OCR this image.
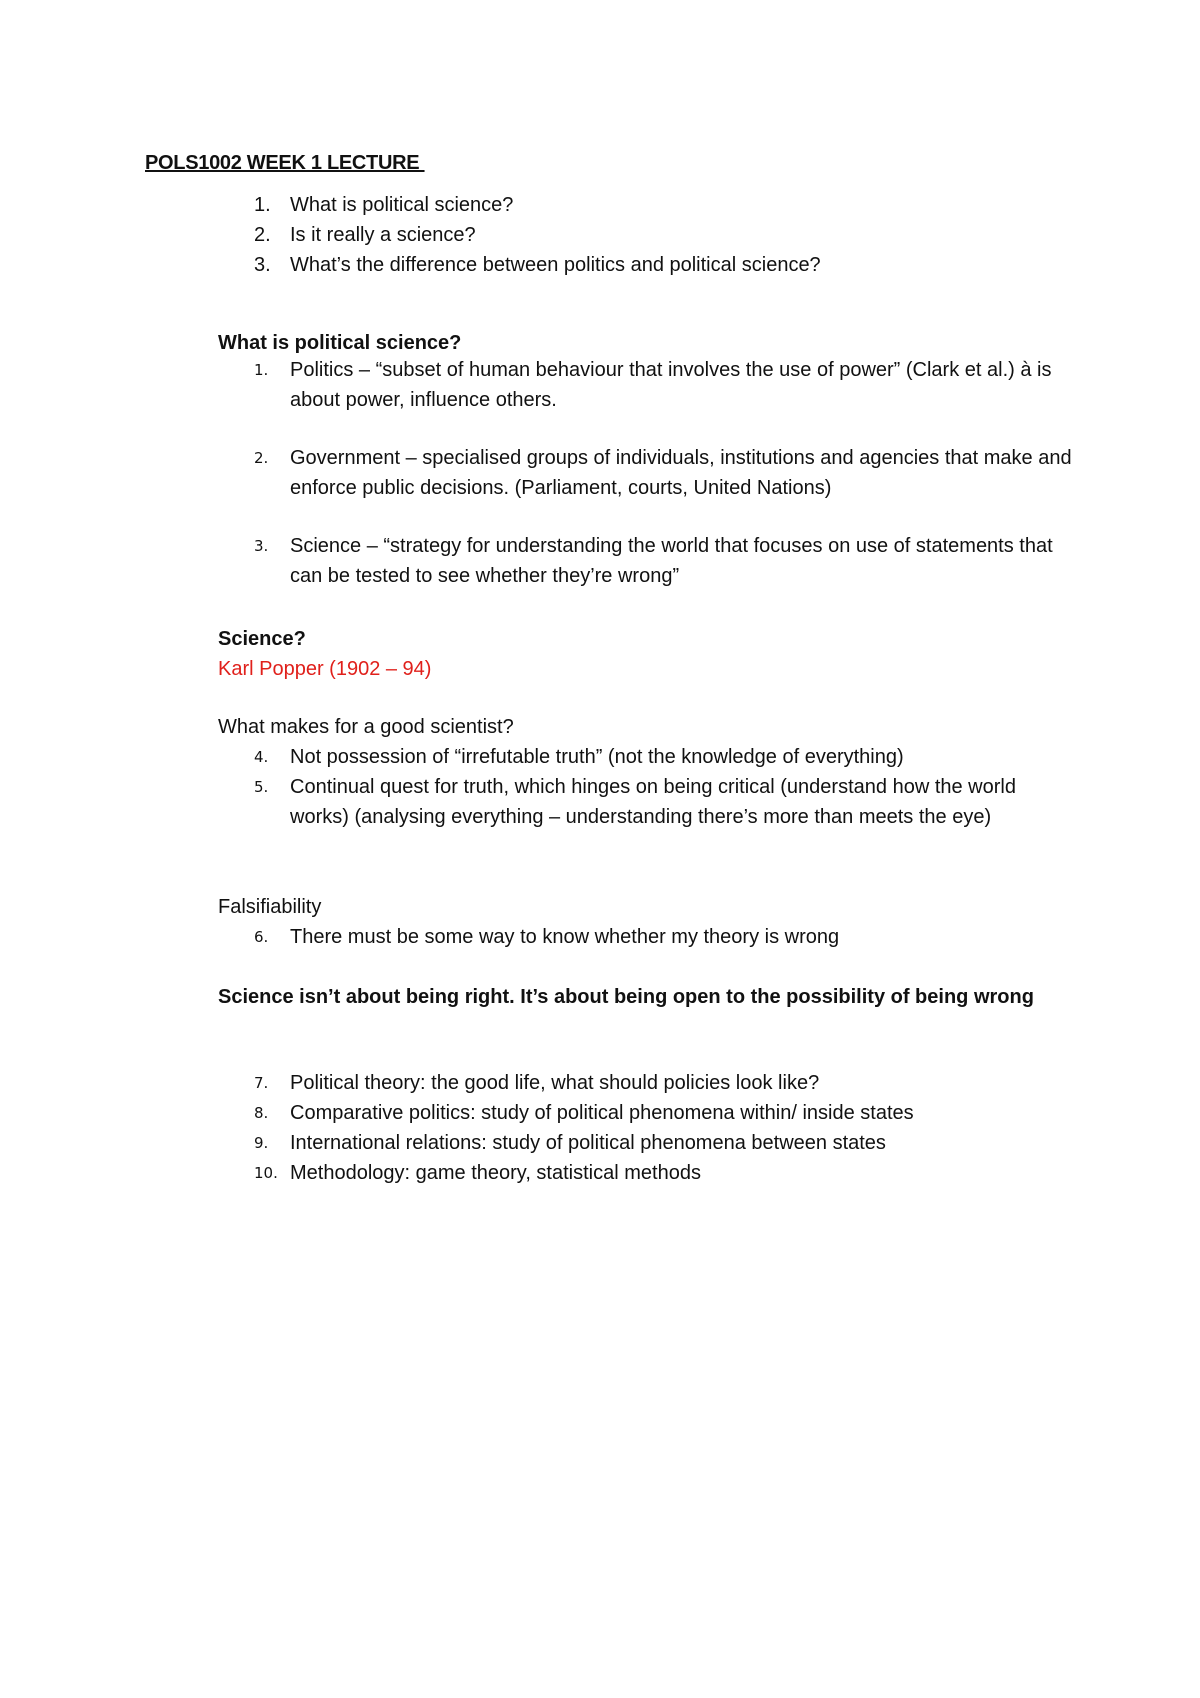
POLS1002 WEEK 1 LECTURE
1. What is political science?
2. Is it really a science?
3. What’s the difference between politics and political science?
What is political science?
1.	Politics – “subset of human behaviour that involves the use of power” (Clark et al.) à is about power, influence others.
2.	Government – specialised groups of individuals, institutions and agencies that make and enforce public decisions. (Parliament, courts, United Nations)
3.	Science – “strategy for understanding the world that focuses on use of statements that can be tested to see whether they’re wrong”
Science?
Karl Popper (1902 – 94)
What makes for a good scientist?
4.	Not possession of “irrefutable truth” (not the knowledge of everything)
5.	Continual quest for truth, which hinges on being critical (understand how the world works) (analysing everything – understanding there’s more than meets the eye)
Falsifiability
6.	There must be some way to know whether my theory is wrong
Science isn’t about being right. It’s about being open to the possibility of being wrong
7.	Political theory: the good life, what should policies look like?
8.	Comparative politics: study of political phenomena within/ inside states
9.	International relations: study of political phenomena between states
10. Methodology: game theory, statistical methods
